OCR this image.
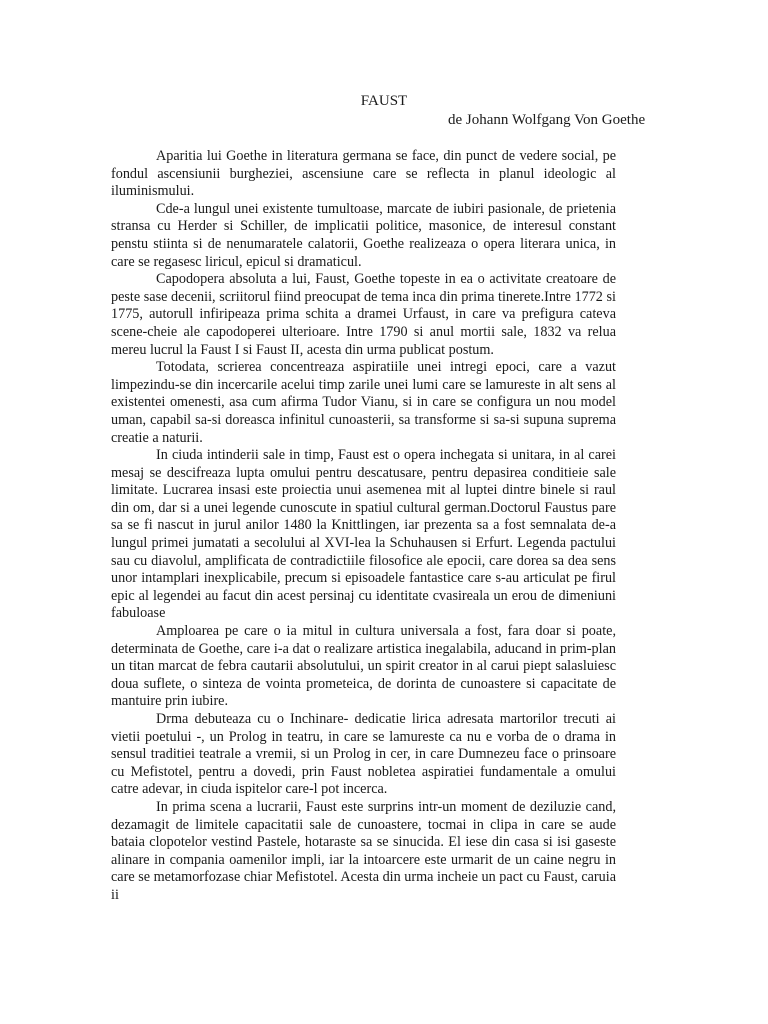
FAUST
de Johann Wolfgang Von Goethe

Aparitia lui Goethe in literatura germana se face, din punct de vedere social, pe fondul ascensiunii burgheziei, ascensiune care se reflecta in planul ideologic al iluminismului.

Cde-a lungul unei existente tumultoase, marcate de iubiri pasionale, de prietenia stransa cu Herder si Schiller, de implicatii politice, masonice, de interesul constant penstu stiinta si de nenumaratele calatorii, Goethe realizeaza o opera literara unica, in care se regasesc liricul, epicul si dramaticul.

Capodopera absoluta a lui, Faust, Goethe topeste in ea o activitate creatoare de peste sase decenii, scriitorul fiind preocupat de tema inca din prima tinerete.Intre 1772 si 1775, autorull infiripeaza prima schita a dramei Urfaust, in care va prefigura cateva scene-cheie ale capodoperei ulterioare. Intre 1790 si anul mortii sale, 1832 va relua mereu lucrul la Faust I si Faust II, acesta din urma publicat postum.

Totodata, scrierea concentreaza aspiratiile unei intregi epoci, care a vazut limpezindu-se din incercarile acelui timp zarile unei lumi care se lamureste in alt sens al existentei omenesti, asa cum afirma Tudor Vianu, si in care se configura un nou model uman, capabil sa-si doreasca infinitul cunoasterii, sa transforme si sa-si supuna suprema creatie a naturii.

In ciuda intinderii sale in timp, Faust est o opera inchegata si unitara, in al carei mesaj se descifreaza lupta omului pentru descatusare, pentru depasirea conditieie sale limitate. Lucrarea insasi este proiectia unui asemenea mit al luptei dintre binele si raul din om, dar si a unei legende cunoscute in spatiul cultural german.Doctorul Faustus pare sa se fi nascut in jurul anilor 1480 la Knittlingen, iar prezenta sa a fost semnalata de-a lungul primei jumatati a secolului al XVI-lea la Schuhausen si Erfurt. Legenda pactului sau cu diavolul, amplificata de contradictiile filosofice ale epocii, care dorea sa dea sens unor intamplari inexplicabile, precum si episoadele fantastice care s-au articulat pe firul epic al legendei au facut din acest persinaj cu identitate cvasireala un erou de dimeniuni fabuloase

Amploarea pe care o ia mitul in cultura universala a fost, fara doar si poate, determinata de Goethe, care i-a dat o realizare artistica inegalabila, aducand in prim-plan un titan marcat de febra cautarii absolutului, un spirit creator in al carui piept salasluiesc doua suflete, o sinteza de vointa prometeica, de dorinta de cunoastere si capacitate de mantuire prin iubire.

Drma debuteaza cu o Inchinare- dedicatie lirica adresata martorilor trecuti ai vietii poetului -, un Prolog in teatru, in care se lamureste ca nu e vorba de o drama in sensul traditiei teatrale a vremii, si un Prolog in cer, in care Dumnezeu face o prinsoare cu Mefistotel, pentru a dovedi, prin Faust nobletea aspiratiei fundamentale a omului catre adevar, in ciuda ispitelor care-l pot incerca.

In prima scena a lucrarii, Faust este surprins intr-un moment de deziluzie cand, dezamagit de limitele capacitatii sale de cunoastere, tocmai in clipa in care se aude bataia clopotelor vestind Pastele, hotaraste sa se sinucida. El iese din casa si isi gaseste alinare in compania oamenilor impli, iar la intoarcere este urmarit de un caine negru in care se metamorfozase chiar Mefistotel. Acesta din urma incheie un pact cu Faust, caruia ii
